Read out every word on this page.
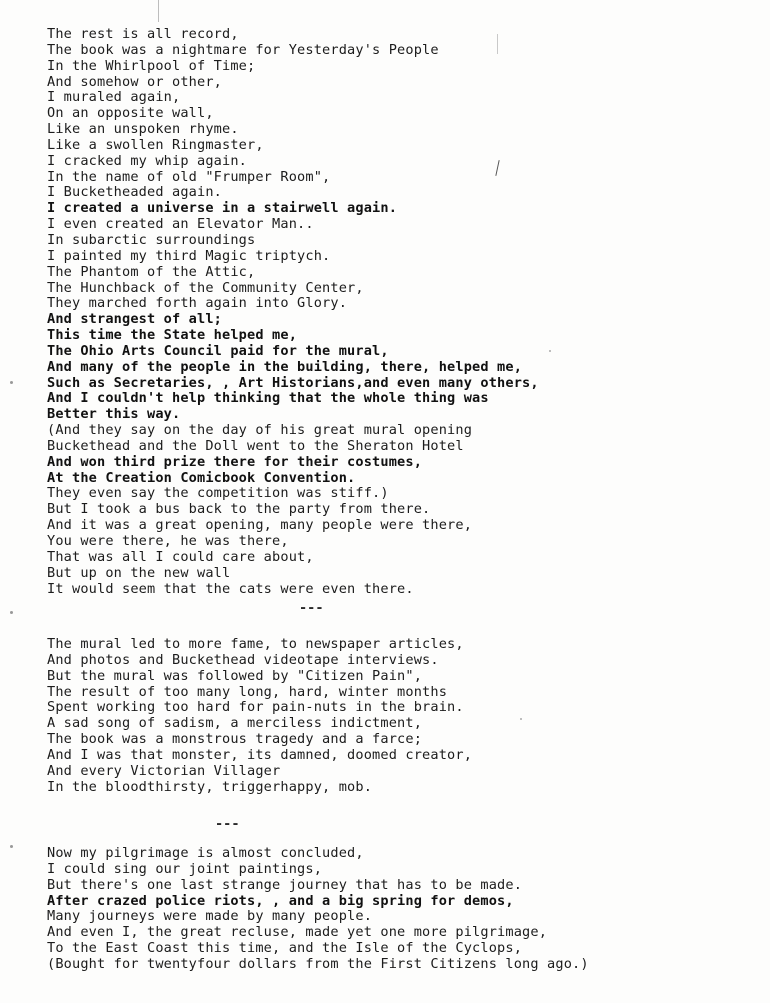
The rest is all record,
The book was a nightmare for Yesterday's People
In the Whirlpool of Time;
And somehow or other,
I muraled again,
On an opposite wall,
Like an unspoken rhyme.
Like a swollen Ringmaster,
I cracked my whip again.
In the name of old "Frumper Room",
I Bucketheaded again.
I created a universe in a stairwell again.
I even created an Elevator Man..
In subarctic surroundings
I painted my third Magic triptych.
The Phantom of the Attic,
The Hunchback of the Community Center,
They marched forth again into Glory.
And strangest of all;
This time the State helped me,
The Ohio Arts Council paid for the mural,
And many of the people in the building, there, helped me,
Such as Secretaries, , Art Historians,and even many others,
And I couldn't help thinking that the whole thing was
Better this way.
(And they say on the day of his great mural opening
Buckethead and the Doll went to the Sheraton Hotel
And won third prize there for their costumes,
At the Creation Comicbook Convention.
They even say the competition was stiff.)
But I took a bus back to the party from there.
And it was a great opening, many people were there,
You were there, he was there,
That was all I could care about,
But up on the new wall
It would seem that the cats were even there.
---
The mural led to more fame, to newspaper articles,
And photos and Buckethead videotape interviews.
But the mural was followed by "Citizen Pain",
The result of too many long, hard, winter months
Spent working too hard for pain-nuts in the brain.
A sad song of sadism, a merciless indictment,
The book was a monstrous tragedy and a farce;
And I was that monster, its damned, doomed creator,
And every Victorian Villager
In the bloodthirsty, triggerhappy, mob.
---
Now my pilgrimage is almost concluded,
I could sing our joint paintings,
But there's one last strange journey that has to be made.
After crazed police riots, , and a big spring for demos,
Many journeys were made by many people.
And even I, the great recluse, made yet one more pilgrimage,
To the East Coast this time, and the Isle of the Cyclops,
(Bought for twentyfour dollars from the First Citizens long ago.)
